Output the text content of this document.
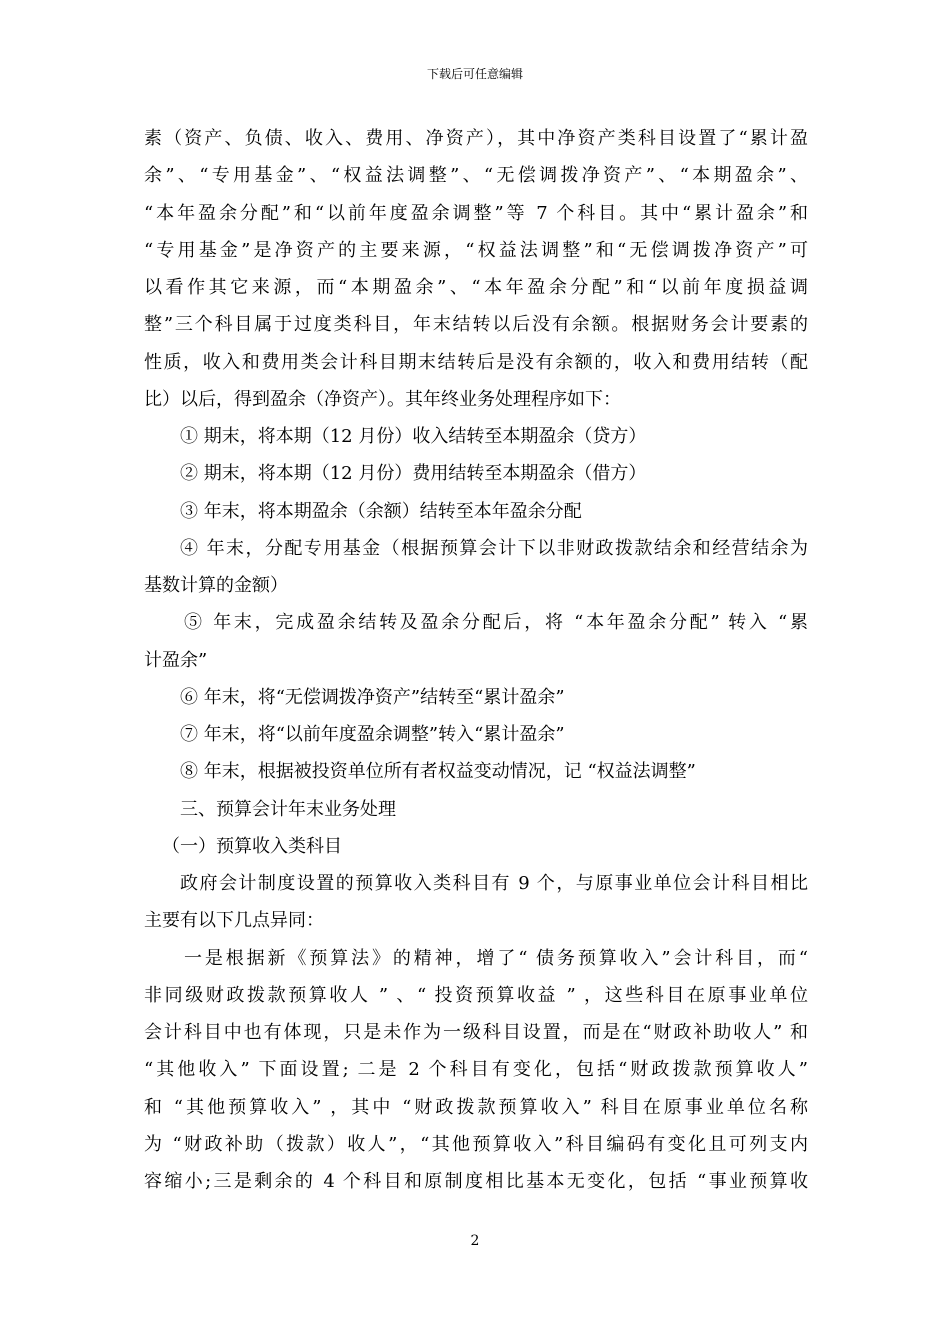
下载后可任意编辑
素（资产、负债、收入、费用、净资产），其中净资产类科目设置了“累计盈
余”、“专用基金”、“权益法调整”、“无偿调拨净资产”、“本期盈余”、
“本年盈余分配”和“以前年度盈余调整”等 7 个科目。其中“累计盈余”和
“专用基金”是净资产的主要来源，“权益法调整”和“无偿调拨净资产”可
以看作其它来源，而“本期盈余”、“本年盈余分配”和“以前年度损益调
整”三个科目属于过度类科目，年末结转以后没有余额。根据财务会计要素的
性质，收入和费用类会计科目期末结转后是没有余额的，收入和费用结转（配
比）以后，得到盈余（净资产）。其年终业务处理程序如下：
① 期末，将本期（12 月份）收入结转至本期盈余（贷方）
② 期末，将本期（12 月份）费用结转至本期盈余（借方）
③ 年末，将本期盈余（余额）结转至本年盈余分配
④ 年末，分配专用基金（根据预算会计下以非财政拨款结余和经营结余为
基数计算的金额）
⑤ 年末，完成盈余结转及盈余分配后，将 “本年盈余分配” 转入 “累
计盈余”
⑥ 年末，将“无偿调拨净资产”结转至“累计盈余”
⑦ 年末，将“以前年度盈余调整”转入“累计盈余”
⑧ 年末，根据被投资单位所有者权益变动情况，记 “权益法调整”
三、预算会计年末业务处理
（一）预算收入类科目
政府会计制度设置的预算收入类科目有 9 个，与原事业单位会计科目相比
主要有以下几点异同：
一是根据新《预算法》的精神，增了“ 债务预算收入”会计科目，而“
非同级财政拨款预算收人 ” 、“ 投资预算收益 ” ，这些科目在原事业单位
会计科目中也有体现，只是未作为一级科目设置，而是在“财政补助收人” 和
“其他收入” 下面设置; 二是 2 个科目有变化，包括“财政拨款预算收人”
和 “其他预算收入” ，其中 “财政拨款预算收入” 科目在原事业单位名称
为 “财政补助（拨款）收人”，“其他预算收入”科目编码有变化且可列支内
容缩小;三是剩余的 4 个科目和原制度相比基本无变化，包括 “事业预算收
2
